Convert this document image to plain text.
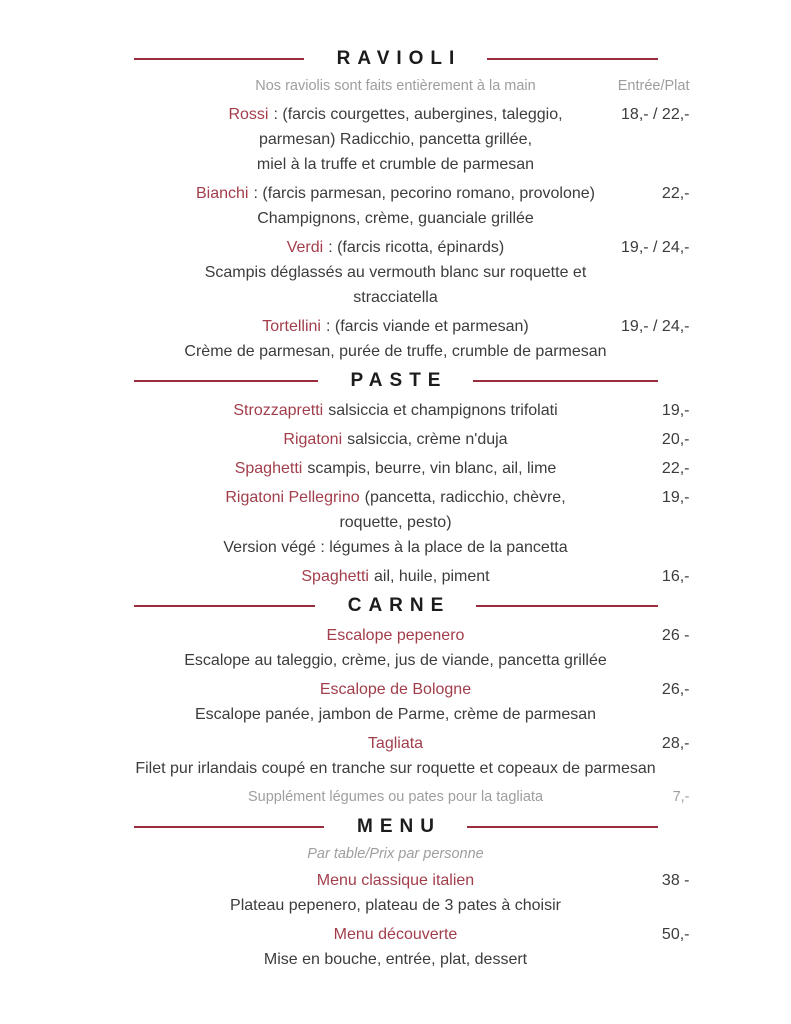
RAVIOLI
Nos raviolis sont faits entièrement à la main	Entrée/Plat

Rossi : (farcis courgettes, aubergines, taleggio,	18,- / 22,-

parmesan) Radicchio, pancetta grillée,

miel à la truffe et crumble de parmesan

Bianchi : (farcis parmesan, pecorino romano, provolone)	22,-

Champignons, crème, guanciale grillée

Verdi : (farcis ricotta, épinards)	19,- / 24,-

Scampis déglassés au vermouth blanc sur roquette et

stracciatella

Tortellini : (farcis viande et parmesan)	19,- / 24,-

Crème de parmesan, purée de truffe, crumble de parmesan

PASTE

Strozzapretti salsiccia et champignons trifolati	19,-

Rigatoni salsiccia, crème n'duja	20,-

Spaghetti scampis, beurre, vin blanc, ail, lime	22,-

Rigatoni Pellegrino (pancetta, radicchio, chèvre,	19,-

roquette, pesto)

Version végé : légumes à la place de la pancetta

Spaghetti ail, huile, piment	16,-
CARNE

Escalope pepenero	26 -

Escalope au taleggio, crème, jus de viande, pancetta grillée

Escalope de Bologne	26,-

Escalope panée, jambon de Parme, crème de parmesan

Tagliata	28,-

Filet pur irlandais coupé en tranche sur roquette et copeaux de parmesan

Supplément légumes ou pates pour la tagliata	7,-
MENU

Par table/Prix par personne

Menu classique italien	38 -

Plateau pepenero, plateau de 3 pates à choisir

Menu découverte	50,-

Mise en bouche, entrée, plat, dessert
